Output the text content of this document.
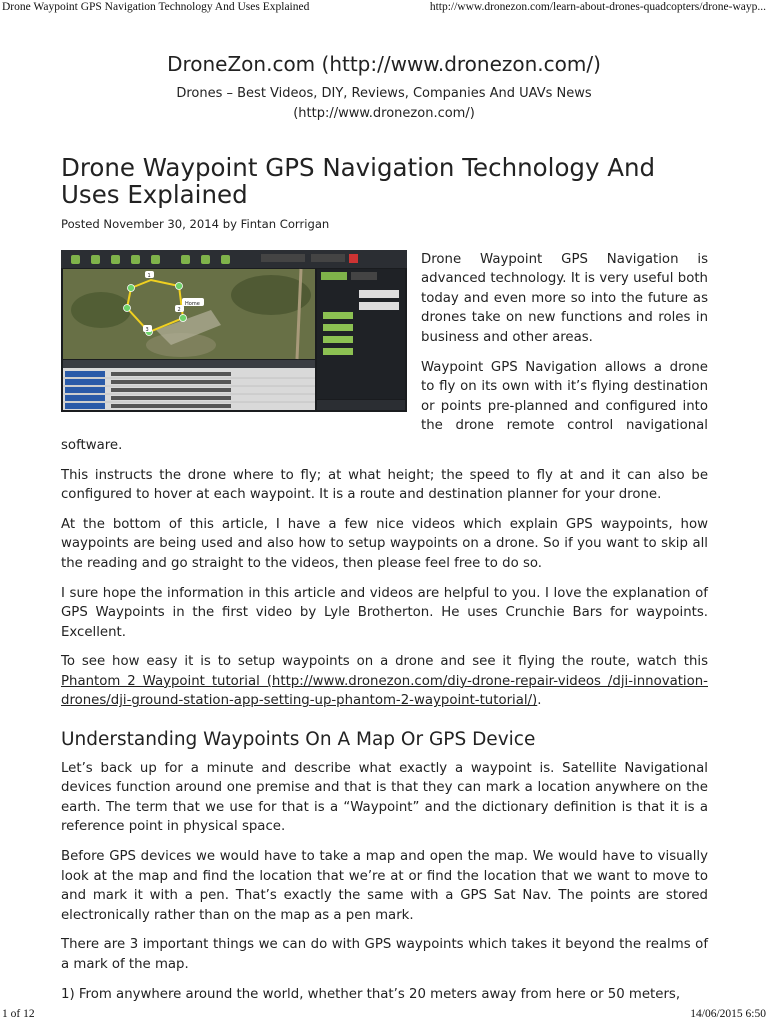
Drone Waypoint GPS Navigation Technology And Uses Explained	http://www.dronezon.com/learn-about-drones-quadcopters/drone-wayp...
DroneZon.com (http://www.dronezon.com/)
Drones – Best Videos, DIY, Reviews, Companies And UAVs News
(http://www.dronezon.com/)
Drone Waypoint GPS Navigation Technology And Uses Explained
Posted November 30, 2014 by Fintan Corrigan
Home
1
2
3

Drone Waypoint GPS Navigation is advanced technology. It is very useful both today and even more so into the future as drones take on new functions and roles in business and other areas.

Waypoint GPS Navigation allows a drone to fly on its own with it’s flying destination or points pre-planned and configured into the drone remote control navigational software.

This instructs the drone where to fly; at what height; the speed to fly at and it can also be configured to hover at each waypoint. It is a route and destination planner for your drone.

At the bottom of this article, I have a few nice videos which explain GPS waypoints, how waypoints are being used and also how to setup waypoints on a drone. So if you want to skip all the reading and go straight to the videos, then please feel free to do so.

I sure hope the information in this article and videos are helpful to you. I love the explanation of GPS Waypoints in the first video by Lyle Brotherton. He uses Crunchie Bars for waypoints. Excellent.

To see how easy it is to setup waypoints on a drone and see it flying the route, watch this Phantom 2 Waypoint tutorial (http://www.dronezon.com/diy-drone-repair-videos /dji-innovation-drones/dji-ground-station-app-setting-up-phantom-2-waypoint-tutorial/).

Understanding Waypoints On A Map Or GPS Device

Let’s back up for a minute and describe what exactly a waypoint is. Satellite Navigational devices function around one premise and that is that they can mark a location anywhere on the earth. The term that we use for that is a “Waypoint” and the dictionary definition is that it is a reference point in physical space.

Before GPS devices we would have to take a map and open the map. We would have to visually look at the map and find the location that we’re at or find the location that we want to move to and mark it with a pen. That’s exactly the same with a GPS Sat Nav. The points are stored electronically rather than on the map as a pen mark.

There are 3 important things we can do with GPS waypoints which takes it beyond the realms of a mark of the map.

1) From anywhere around the world, whether that’s 20 meters away from here or 50 meters,

1 of 12	14/06/2015 6:50
